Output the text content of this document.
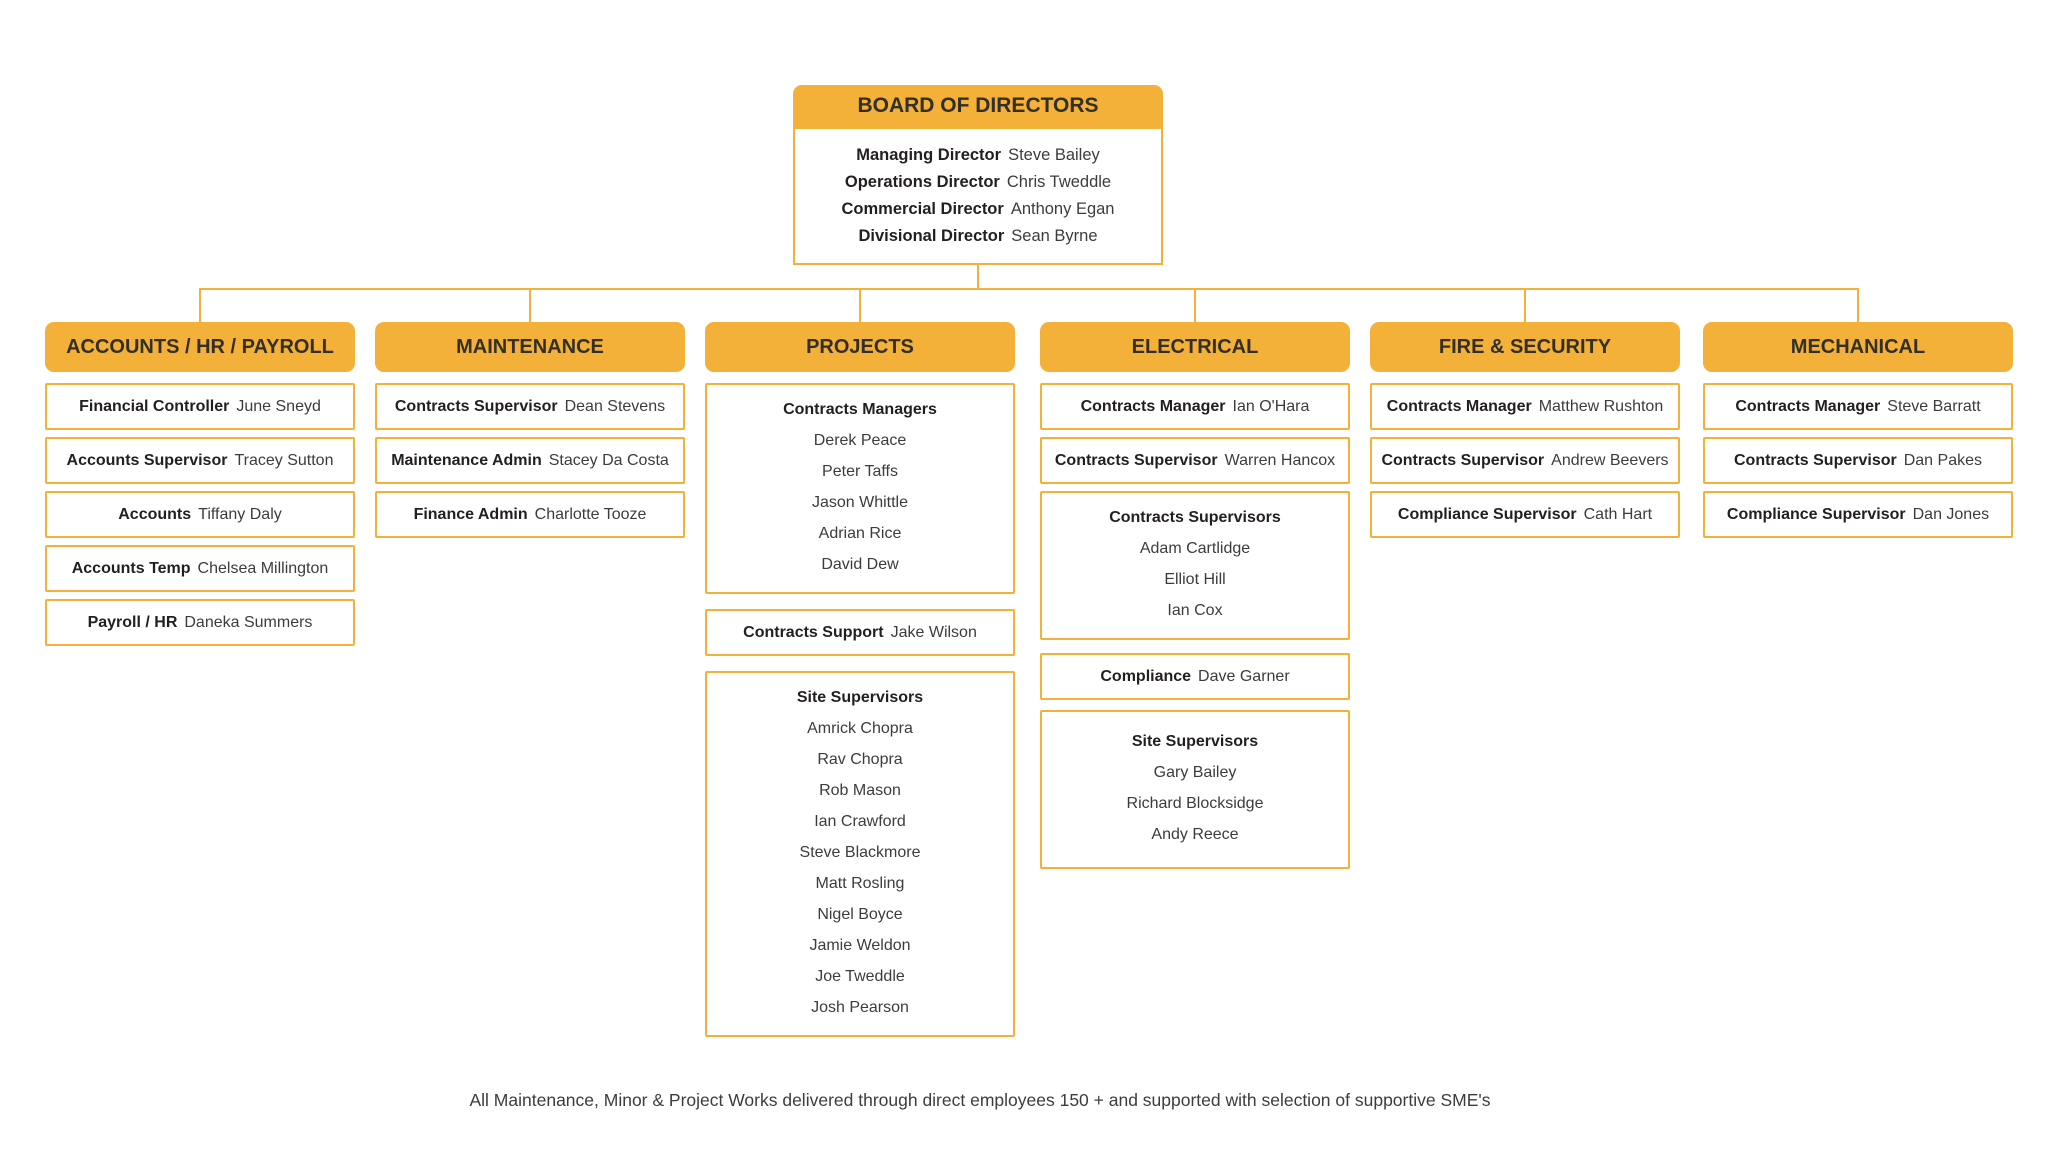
BOARD OF DIRECTORS
Managing Director Steve Bailey
Operations Director Chris Tweddle
Commercial Director Anthony Egan
Divisional Director Sean Byrne
ACCOUNTS / HR / PAYROLL
Financial Controller June Sneyd
Accounts Supervisor Tracey Sutton
Accounts Tiffany Daly
Accounts Temp Chelsea Millington
Payroll / HR Daneka Summers
MAINTENANCE
Contracts Supervisor Dean Stevens
Maintenance Admin Stacey Da Costa
Finance Admin Charlotte Tooze
PROJECTS
Contracts Managers
Derek Peace
Peter Taffs
Jason Whittle
Adrian Rice
David Dew
Contracts Support Jake Wilson
Site Supervisors
Amrick Chopra
Rav Chopra
Rob Mason
Ian Crawford
Steve Blackmore
Matt Rosling
Nigel Boyce
Jamie Weldon
Joe Tweddle
Josh Pearson
ELECTRICAL
Contracts Manager Ian O'Hara
Contracts Supervisor Warren Hancox
Contracts Supervisors
Adam Cartlidge
Elliot Hill
Ian Cox
Compliance Dave Garner
Site Supervisors
Gary Bailey
Richard Blocksidge
Andy Reece
FIRE & SECURITY
Contracts Manager Matthew Rushton
Contracts Supervisor Andrew Beevers
Compliance Supervisor Cath Hart
MECHANICAL
Contracts Manager Steve Barratt
Contracts Supervisor Dan Pakes
Compliance Supervisor Dan Jones
All Maintenance, Minor & Project Works delivered through direct employees 150 + and supported with selection of supportive SME's
